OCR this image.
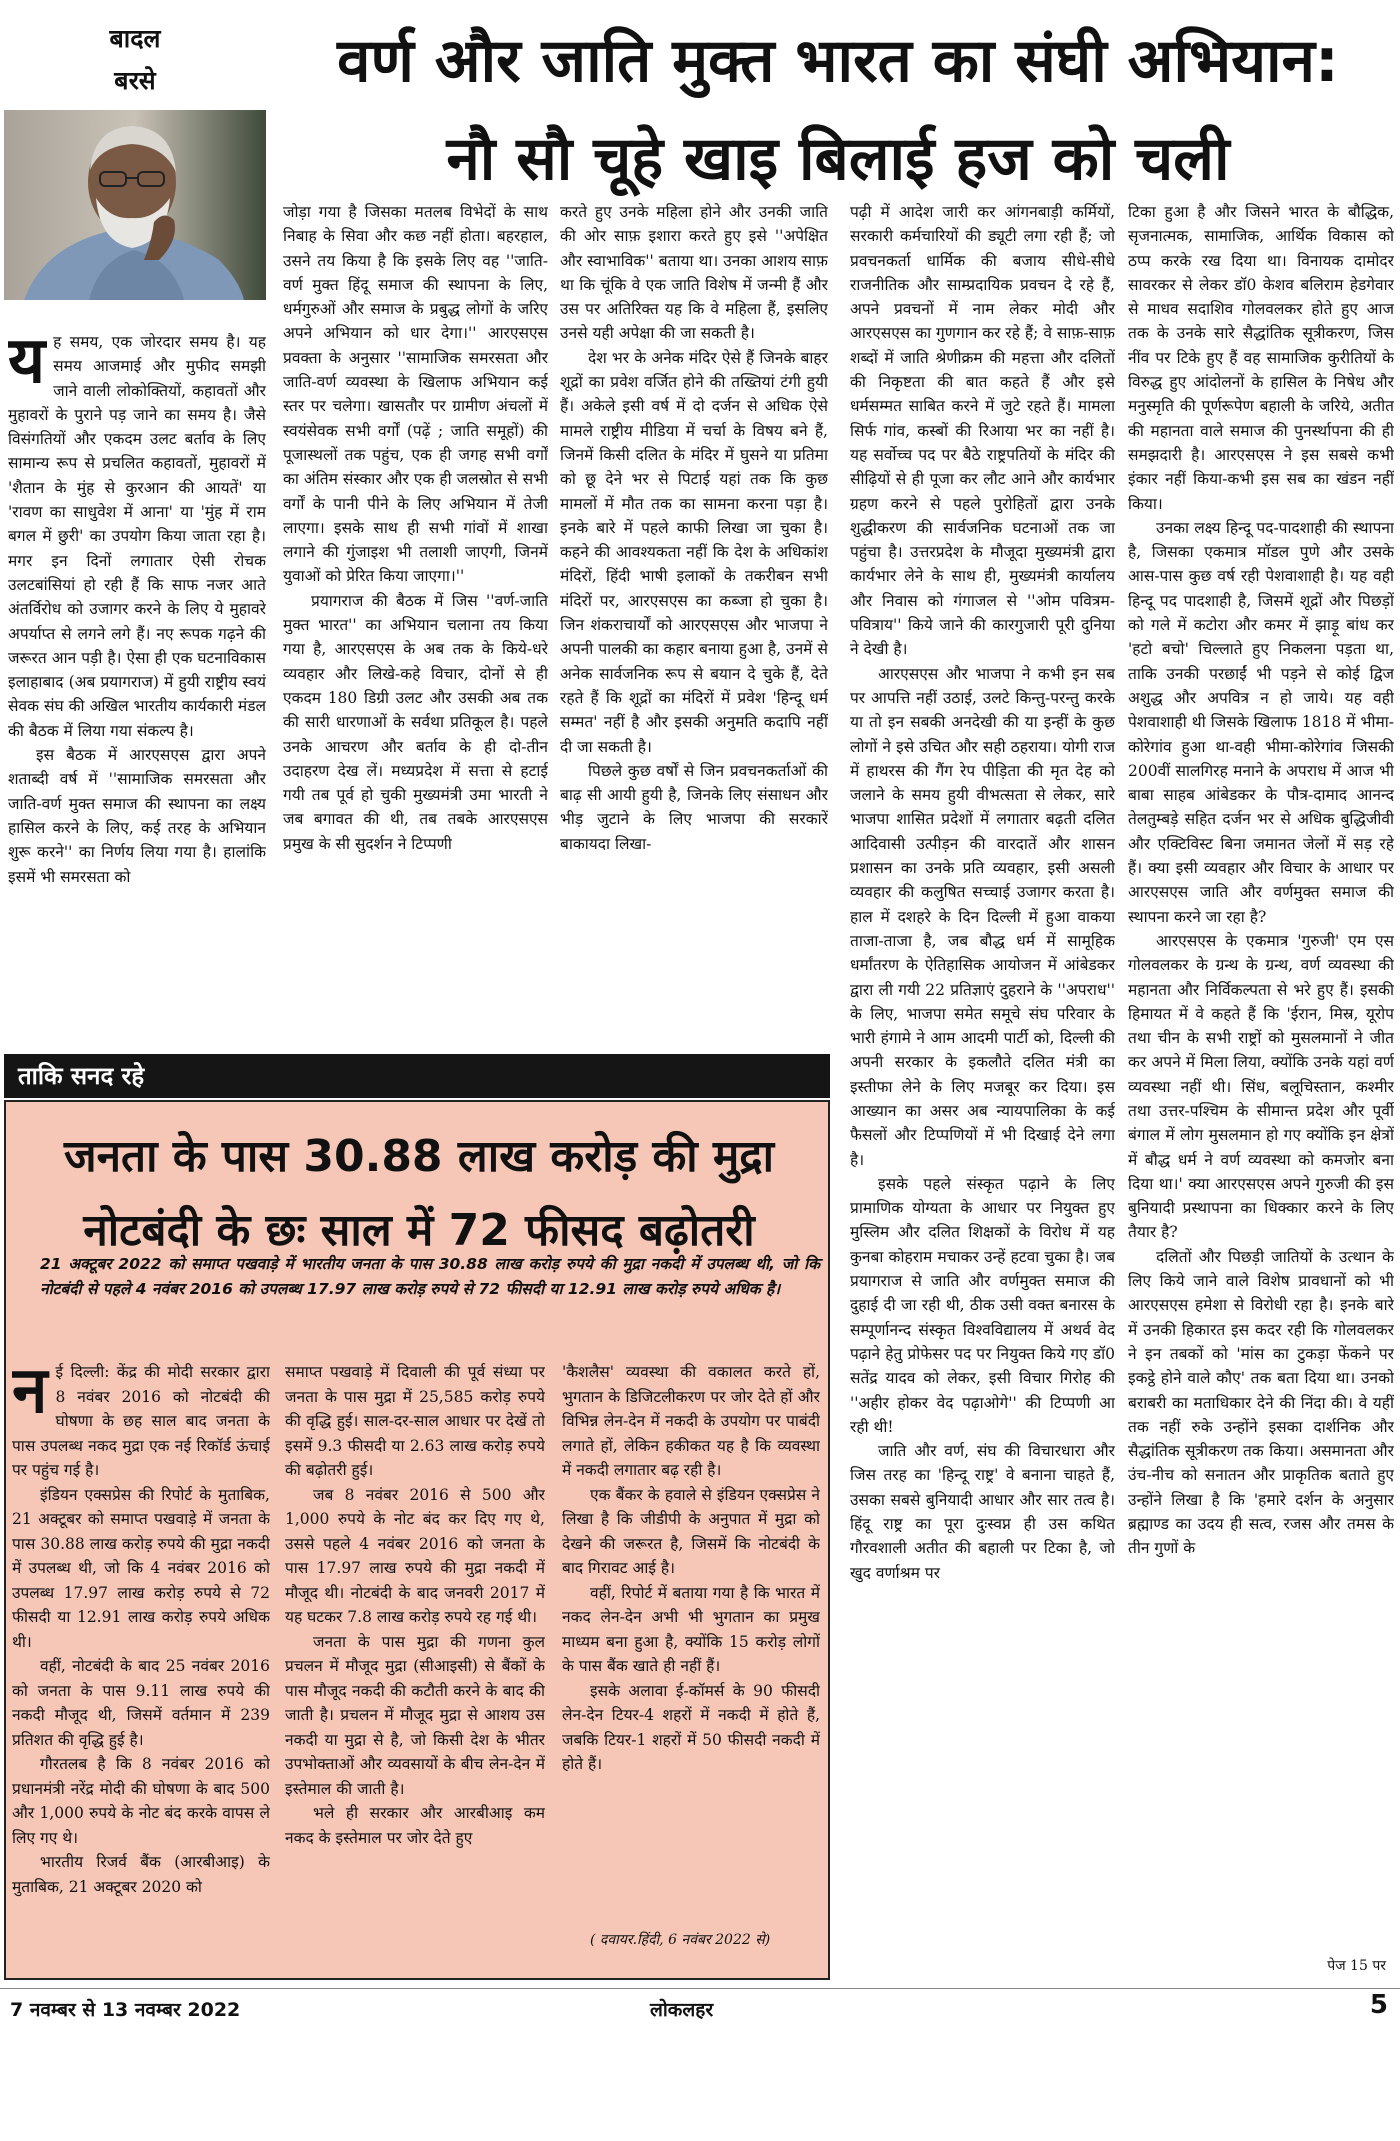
बादल
बरसे	वर्ण और जाति मुक्त भारत का संघी अभियान:
नौ सौ चूहे खाइ बिलाई हज को चली
य ह समय, एक जोरदार समय है। यह समय आजमाई और मुफीद समझी जाने वाली लोकोक्तियों, कहावतों और मुहावरों के पुराने पड़ जाने का समय है। जैसे विसंगतियों और एकदम उलट बर्ताव के लिए सामान्य रूप से प्रचलित कहावतों, मुहावरों में 'शैतान के मुंह से कुरआन की आयतें' या 'रावण का साधुवेश में आना' या 'मुंह में राम बगल में छुरी' का उपयोग किया जाता रहा है। मगर इन दिनों लगातार ऐसी रोचक उलटबांसियां हो रही हैं कि साफ नजर आते अंतर्विरोध को उजागर करने के लिए ये मुहावरे अपर्याप्त से लगने लगे हैं। नए रूपक गढ़ने की जरूरत आन पड़ी है। ऐसा ही एक घटनाविकास इलाहाबाद (अब प्रयागराज) में हुयी राष्ट्रीय स्वयं सेवक संघ की अखिल भारतीय कार्यकारी मंडल की बैठक में लिया गया संकल्प है।

इस बैठक में आरएसएस द्वारा अपने शताब्दी वर्ष में ''सामाजिक समरसता और जाति-वर्ण मुक्त समाज की स्थापना का लक्ष्य हासिल करने के लिए, कई तरह के अभियान शुरू करने'' का निर्णय लिया गया है। हालांकि इसमें भी समरसता को

जोड़ा गया है जिसका मतलब विभेदों के साथ निबाह के सिवा और कछ नहीं होता। बहरहाल, उसने तय किया है कि इसके लिए वह ''जाति-वर्ण मुक्त हिंदू समाज की स्थापना के लिए, धर्मगुरुओं और समाज के प्रबुद्ध लोगों के जरिए अपने अभियान को धार देगा।'' आरएसएस प्रवक्ता के अनुसार ''सामाजिक समरसता और जाति-वर्ण व्यवस्था के खिलाफ अभियान कई स्तर पर चलेगा। खासतौर पर ग्रामीण अंचलों में स्वयंसेवक सभी वर्गों (पढ़ें ; जाति समूहों) की पूजास्थलों तक पहुंच, एक ही जगह सभी वर्गों का अंतिम संस्कार और एक ही जलस्रोत से सभी वर्गों के पानी पीने के लिए अभियान में तेजी लाएगा। इसके साथ ही सभी गांवों में शाखा लगाने की गुंजाइश भी तलाशी जाएगी, जिनमें युवाओं को प्रेरित किया जाएगा।''

प्रयागराज की बैठक में जिस ''वर्ण-जाति मुक्त भारत'' का अभियान चलाना तय किया गया है, आरएसएस के अब तक के किये-धरे व्यवहार और लिखे-कहे विचार, दोनों से ही एकदम 180 डिग्री उलट और उसकी अब तक की सारी धारणाओं के सर्वथा प्रतिकूल है। पहले उनके आचरण और बर्ताव के ही दो-तीन उदाहरण देख लें। मध्यप्रदेश में सत्ता से हटाई गयी तब पूर्व हो चुकी मुख्यमंत्री उमा भारती ने जब बगावत की थी, तब तबके आरएसएस प्रमुख के सी सुदर्शन ने टिप्पणी

करते हुए उनके महिला होने और उनकी जाति की ओर साफ़ इशारा करते हुए इसे ''अपेक्षित और स्वाभाविक'' बताया था। उनका आशय साफ़ था कि चूंकि वे एक जाति विशेष में जन्मी हैं और उस पर अतिरिक्त यह कि वे महिला हैं, इसलिए उनसे यही अपेक्षा की जा सकती है।

देश भर के अनेक मंदिर ऐसे हैं जिनके बाहर शूद्रों का प्रवेश वर्जित होने की तख्तियां टंगी हुयी हैं। अकेले इसी वर्ष में दो दर्जन से अधिक ऐसे मामले राष्ट्रीय मीडिया में चर्चा के विषय बने हैं, जिनमें किसी दलित के मंदिर में घुसने या प्रतिमा को छू देने भर से पिटाई यहां तक कि कुछ मामलों में मौत तक का सामना करना पड़ा है। इनके बारे में पहले काफी लिखा जा चुका है। कहने की आवश्यकता नहीं कि देश के अधिकांश मंदिरों, हिंदी भाषी इलाकों के तकरीबन सभी मंदिरों पर, आरएसएस का कब्जा हो चुका है। जिन शंकराचार्यों को आरएसएस और भाजपा ने अपनी पालकी का कहार बनाया हुआ है, उनमें से अनेक सार्वजनिक रूप से बयान दे चुके हैं, देते रहते हैं कि शूद्रों का मंदिरों में प्रवेश 'हिन्दू धर्म सम्मत' नहीं है और इसकी अनुमति कदापि नहीं दी जा सकती है।

पिछले कुछ वर्षों से जिन प्रवचनकर्ताओं की बाढ़ सी आयी हुयी है, जिनके लिए संसाधन और भीड़ जुटाने के लिए भाजपा की सरकारें बाकायदा लिखा-

पढ़ी में आदेश जारी कर आंगनबाड़ी कर्मियों, सरकारी कर्मचारियों की ड्यूटी लगा रही हैं; जो प्रवचनकर्ता धार्मिक की बजाय सीधे-सीधे राजनीतिक और साम्प्रदायिक प्रवचन दे रहे हैं, अपने प्रवचनों में नाम लेकर मोदी और आरएसएस का गुणगान कर रहे हैं; वे साफ़-साफ़ शब्दों में जाति श्रेणीक्रम की महत्ता और दलितों की निकृष्टता की बात कहते हैं और इसे धर्मसम्मत साबित करने में जुटे रहते हैं। मामला सिर्फ गांव, कस्बों की रिआया भर का नहीं है। यह सर्वोच्च पद पर बैठे राष्ट्रपतियों के मंदिर की सीढ़ियों से ही पूजा कर लौट आने और कार्यभार ग्रहण करने से पहले पुरोहितों द्वारा उनके शुद्धीकरण की सार्वजनिक घटनाओं तक जा पहुंचा है। उत्तरप्रदेश के मौजूदा मुख्यमंत्री द्वारा कार्यभार लेने के साथ ही, मुख्यमंत्री कार्यालय और निवास को गंगाजल से ''ओम पवित्रम-पवित्राय'' किये जाने की कारगुजारी पूरी दुनिया ने देखी है।

आरएसएस और भाजपा ने कभी इन सब पर आपत्ति नहीं उठाई, उलटे किन्तु-परन्तु करके या तो इन सबकी अनदेखी की या इन्हीं के कुछ लोगों ने इसे उचित और सही ठहराया। योगी राज में हाथरस की गैंग रेप पीड़िता की मृत देह को जलाने के समय हुयी वीभत्सता से लेकर, सारे भाजपा शासित प्रदेशों में लगातार बढ़ती दलित आदिवासी उत्पीड़न की वारदातें और शासन प्रशासन का उनके प्रति व्यवहार, इसी असली व्यवहार की कलुषित सच्चाई उजागर करता है। हाल में दशहरे के दिन दिल्ली में हुआ वाकया ताजा-ताजा है, जब बौद्ध धर्म में सामूहिक धर्मांतरण के ऐतिहासिक आयोजन में आंबेडकर द्वारा ली गयी 22 प्रतिज्ञाएं दुहराने के ''अपराध'' के लिए, भाजपा समेत समूचे संघ परिवार के भारी हंगामे ने आम आदमी पार्टी को, दिल्ली की अपनी सरकार के इकलौते दलित मंत्री का इस्तीफा लेने के लिए मजबूर कर दिया। इस आख्यान का असर अब न्यायपालिका के कई फैसलों और टिप्पणियों में भी दिखाई देने लगा है।

इसके पहले संस्कृत पढ़ाने के लिए प्रामाणिक योग्यता के आधार पर नियुक्त हुए मुस्लिम और दलित शिक्षकों के विरोध में यह कुनबा कोहराम मचाकर उन्हें हटवा चुका है। जब प्रयागराज से जाति और वर्णमुक्त समाज की दुहाई दी जा रही थी, ठीक उसी वक्त बनारस के सम्पूर्णानन्द संस्कृत विश्वविद्यालय में अथर्व वेद पढ़ाने हेतु प्रोफेसर पद पर नियुक्त किये गए डॉ0 सतेंद्र यादव को लेकर, इसी विचार गिरोह की ''अहीर होकर वेद पढ़ाओगे'' की टिप्पणी आ रही थी!

जाति और वर्ण, संघ की विचारधारा और जिस तरह का 'हिन्दू राष्ट्र' वे बनाना चाहते हैं, उसका सबसे बुनियादी आधार और सार तत्व है। हिंदू राष्ट्र का पूरा दुःस्वप्न ही उस कथित गौरवशाली अतीत की बहाली पर टिका है, जो खुद वर्णाश्रम पर

टिका हुआ है और जिसने भारत के बौद्धिक, सृजनात्मक, सामाजिक, आर्थिक विकास को ठप्प करके रख दिया था। विनायक दामोदर सावरकर से लेकर डॉ0 केशव बलिराम हेडगेवार से माधव सदाशिव गोलवलकर होते हुए आज तक के उनके सारे सैद्धांतिक सूत्रीकरण, जिस नींव पर टिके हुए हैं वह सामाजिक कुरीतियों के विरुद्ध हुए आंदोलनों के हासिल के निषेध और मनुस्मृति की पूर्णरूपेण बहाली के जरिये, अतीत की महानता वाले समाज की पुनर्स्थापना की ही समझदारी है। आरएसएस ने इस सबसे कभी इंकार नहीं किया-कभी इस सब का खंडन नहीं किया।

उनका लक्ष्य हिन्दू पद-पादशाही की स्थापना है, जिसका एकमात्र मॉडल पुणे और उसके आस-पास कुछ वर्ष रही पेशवाशाही है। यह वही हिन्दू पद पादशाही है, जिसमें शूद्रों और पिछड़ों को गले में कटोरा और कमर में झाड़ू बांध कर 'हटो बचो' चिल्लाते हुए निकलना पड़ता था, ताकि उनकी परछाईं भी पड़ने से कोई द्विज अशुद्ध और अपवित्र न हो जाये। यह वही पेशवाशाही थी जिसके खिलाफ 1818 में भीमा-कोरेगांव हुआ था-वही भीमा-कोरेगांव जिसकी 200वीं सालगिरह मनाने के अपराध में आज भी बाबा साहब आंबेडकर के पौत्र-दामाद आनन्द तेलतुम्बड़े सहित दर्जन भर से अधिक बुद्धिजीवी और एक्टिविस्ट बिना जमानत जेलों में सड़ रहे हैं। क्या इसी व्यवहार और विचार के आधार पर आरएसएस जाति और वर्णमुक्त समाज की स्थापना करने जा रहा है?

आरएसएस के एकमात्र 'गुरुजी' एम एस गोलवलकर के ग्रन्थ के ग्रन्थ, वर्ण व्यवस्था की महानता और निर्विकल्पता से भरे हुए हैं। इसकी हिमायत में वे कहते हैं कि 'ईरान, मिस्र, यूरोप तथा चीन के सभी राष्ट्रों को मुसलमानों ने जीत कर अपने में मिला लिया, क्योंकि उनके यहां वर्ण व्यवस्था नहीं थी। सिंध, बलूचिस्तान, कश्मीर तथा उत्तर-पश्चिम के सीमान्त प्रदेश और पूर्वी बंगाल में लोग मुसलमान हो गए क्योंकि इन क्षेत्रों में बौद्ध धर्म ने वर्ण व्यवस्था को कमजोर बना दिया था।' क्या आरएसएस अपने गुरुजी की इस बुनियादी प्रस्थापना का धिक्कार करने के लिए तैयार है?

दलितों और पिछड़ी जातियों के उत्थान के लिए किये जाने वाले विशेष प्रावधानों को भी आरएसएस हमेशा से विरोधी रहा है। इनके बारे में उनकी हिकारत इस कदर रही कि गोलवलकर ने इन तबकों को 'मांस का टुकड़ा फेंकने पर इकट्ठे होने वाले कौए' तक बता दिया था। उनको बराबरी का मताधिकार देने की निंदा की। वे यहीं तक नहीं रुके उन्होंने इसका दार्शनिक और सैद्धांतिक सूत्रीकरण तक किया। असमानता और उंच-नीच को सनातन और प्राकृतिक बताते हुए उन्होंने लिखा है कि 'हमारे दर्शन के अनुसार ब्रह्माण्ड का उदय ही सत्व, रजस और तमस के तीन गुणों के

पेज 15 पर
ताकि सनद रहे
जनता के पास 30.88 लाख करोड़ की मुद्रा
नोटबंदी के छः साल में 72 फीसद बढ़ोतरी
21 अक्टूबर 2022 को समाप्त पखवाड़े में भारतीय जनता के पास 30.88 लाख करोड़ रुपये की मुद्रा नकदी में उपलब्ध थी, जो कि नोटबंदी से पहले 4 नवंबर 2016 को उपलब्ध 17.97 लाख करोड़ रुपये से 72 फीसदी या 12.91 लाख करोड़ रुपये अधिक है।
न ई दिल्ली: केंद्र की मोदी सरकार द्वारा 8 नवंबर 2016 को नोटबंदी की घोषणा के छह साल बाद जनता के पास उपलब्ध नकद मुद्रा एक नई रिकॉर्ड ऊंचाई पर पहुंच गई है।

इंडियन एक्सप्रेस की रिपोर्ट के मुताबिक, 21 अक्टूबर को समाप्त पखवाड़े में जनता के पास 30.88 लाख करोड़ रुपये की मुद्रा नकदी में उपलब्ध थी, जो कि 4 नवंबर 2016 को उपलब्ध 17.97 लाख करोड़ रुपये से 72 फीसदी या 12.91 लाख करोड़ रुपये अधिक थी।

वहीं, नोटबंदी के बाद 25 नवंबर 2016 को जनता के पास 9.11 लाख रुपये की नकदी मौजूद थी, जिसमें वर्तमान में 239 प्रतिशत की वृद्धि हुई है।

गौरतलब है कि 8 नवंबर 2016 को प्रधानमंत्री नरेंद्र मोदी की घोषणा के बाद 500 और 1,000 रुपये के नोट बंद करके वापस ले लिए गए थे।

भारतीय रिजर्व बैंक (आरबीआइ) के मुताबिक, 21 अक्टूबर 2020 को

समाप्त पखवाड़े में दिवाली की पूर्व संध्या पर जनता के पास मुद्रा में 25,585 करोड़ रुपये की वृद्धि हुई। साल-दर-साल आधार पर देखें तो इसमें 9.3 फीसदी या 2.63 लाख करोड़ रुपये की बढ़ोतरी हुई।

जब 8 नवंबर 2016 से 500 और 1,000 रुपये के नोट बंद कर दिए गए थे, उससे पहले 4 नवंबर 2016 को जनता के पास 17.97 लाख रुपये की मुद्रा नकदी में मौजूद थी। नोटबंदी के बाद जनवरी 2017 में यह घटकर 7.8 लाख करोड़ रुपये रह गई थी।

जनता के पास मुद्रा की गणना कुल प्रचलन में मौजूद मुद्रा (सीआइसी) से बैंकों के पास मौजूद नकदी की कटौती करने के बाद की जाती है। प्रचलन में मौजूद मुद्रा से आशय उस नकदी या मुद्रा से है, जो किसी देश के भीतर उपभोक्ताओं और व्यवसायों के बीच लेन-देन में इस्तेमाल की जाती है।

भले ही सरकार और आरबीआइ कम नकद के इस्तेमाल पर जोर देते हुए

'कैशलैस' व्यवस्था की वकालत करते हों, भुगतान के डिजिटलीकरण पर जोर देते हों और विभिन्न लेन-देन में नकदी के उपयोग पर पाबंदी लगाते हों, लेकिन हकीकत यह है कि व्यवस्था में नकदी लगातार बढ़ रही है।

एक बैंकर के हवाले से इंडियन एक्सप्रेस ने लिखा है कि जीडीपी के अनुपात में मुद्रा को देखने की जरूरत है, जिसमें कि नोटबंदी के बाद गिरावट आई है।

वहीं, रिपोर्ट में बताया गया है कि भारत में नकद लेन-देन अभी भी भुगतान का प्रमुख माध्यम बना हुआ है, क्योंकि 15 करोड़ लोगों के पास बैंक खाते ही नहीं हैं।

इसके अलावा ई-कॉमर्स के 90 फीसदी लेन-देन टियर-4 शहरों में नकदी में होते हैं, जबकि टियर-1 शहरों में 50 फीसदी नकदी में होते हैं।

( दवायर.हिंदी, 6 नवंबर 2022 से)
7 नवम्बर से 13 नवम्बर 2022	लोकलहर	5
